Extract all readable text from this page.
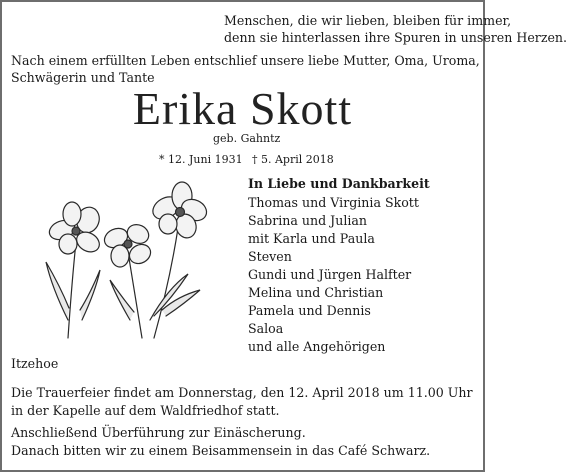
Menschen, die wir lieben, bleiben für immer,
denn sie hinterlassen ihre Spuren in unseren Herzen.
Nach einem erfüllten Leben entschlief unsere liebe Mutter, Oma, Uroma,
Schwägerin und Tante
Erika Skott
geb. Gahntz
* 12. Juni 1931 † 5. April 2018
In Liebe und Dankbarkeit
Thomas und Virginia Skott
Sabrina und Julian
mit Karla und Paula
Steven
Gundi und Jürgen Halfter
Melina und Christian
Pamela und Dennis
Saloa
und alle Angehörigen
Itzehoe
Die Trauerfeier findet am Donnerstag, den 12. April 2018 um 11.00 Uhr
in der Kapelle auf dem Waldfriedhof statt.
Anschließend Überführung zur Einäscherung.
Danach bitten wir zu einem Beisammensein in das Café Schwarz.
